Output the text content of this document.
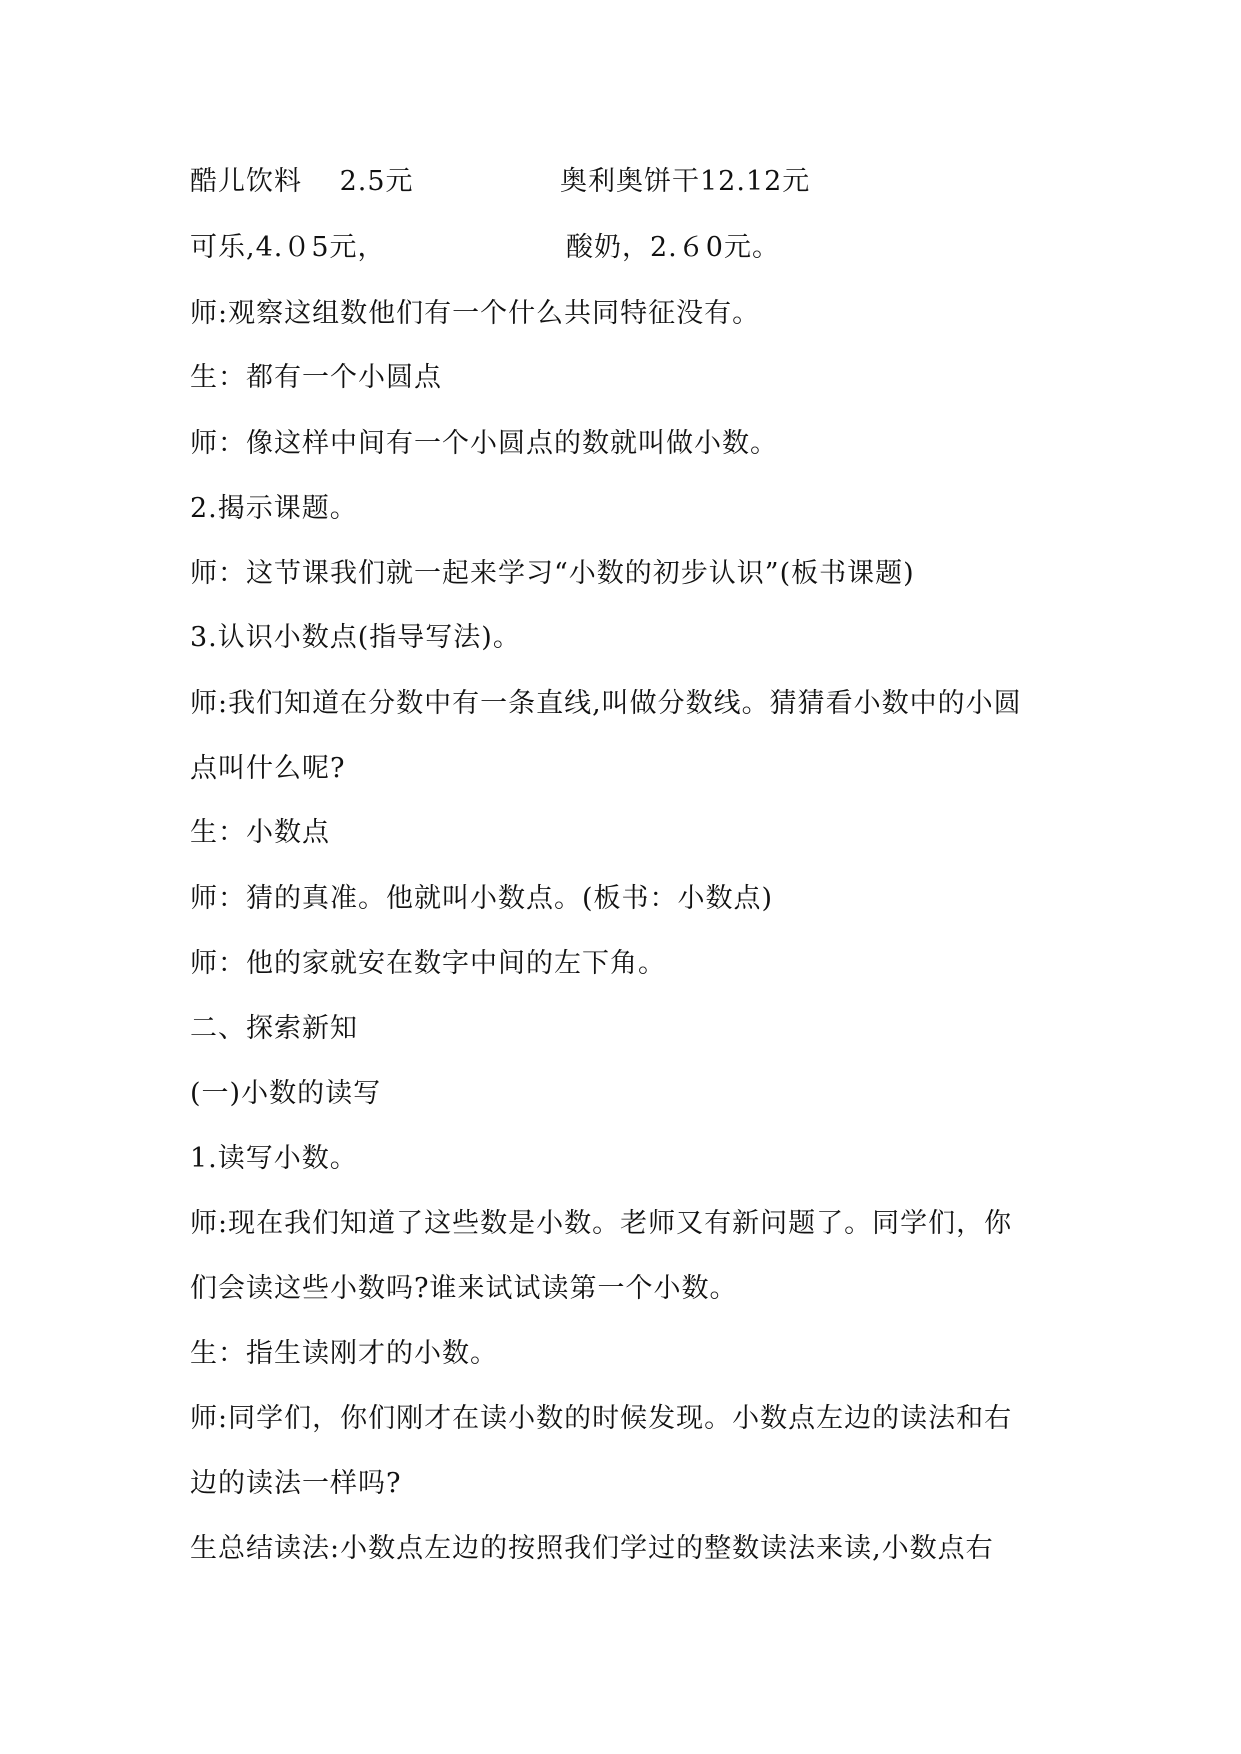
酷儿饮料　 2.5元	奥利奥饼干12.12元
可乐,4.０5元，	酸奶，2.６0元。
师:观察这组数他们有一个什么共同特征没有。
生：都有一个小圆点
师：像这样中间有一个小圆点的数就叫做小数。
2.揭示课题。
师：这节课我们就一起来学习“小数的初步认识”(板书课题)
3.认识小数点(指导写法)。
师:我们知道在分数中有一条直线,叫做分数线。猜猜看小数中的小圆
点叫什么呢?
生：小数点
师：猜的真准。他就叫小数点。(板书：小数点)
师：他的家就安在数字中间的左下角。
二、探索新知
(一)小数的读写
1.读写小数。
师:现在我们知道了这些数是小数。老师又有新问题了。同学们，你
们会读这些小数吗?谁来试试读第一个小数。
生：指生读刚才的小数。
师:同学们，你们刚才在读小数的时候发现。小数点左边的读法和右
边的读法一样吗?
生总结读法:小数点左边的按照我们学过的整数读法来读,小数点右
